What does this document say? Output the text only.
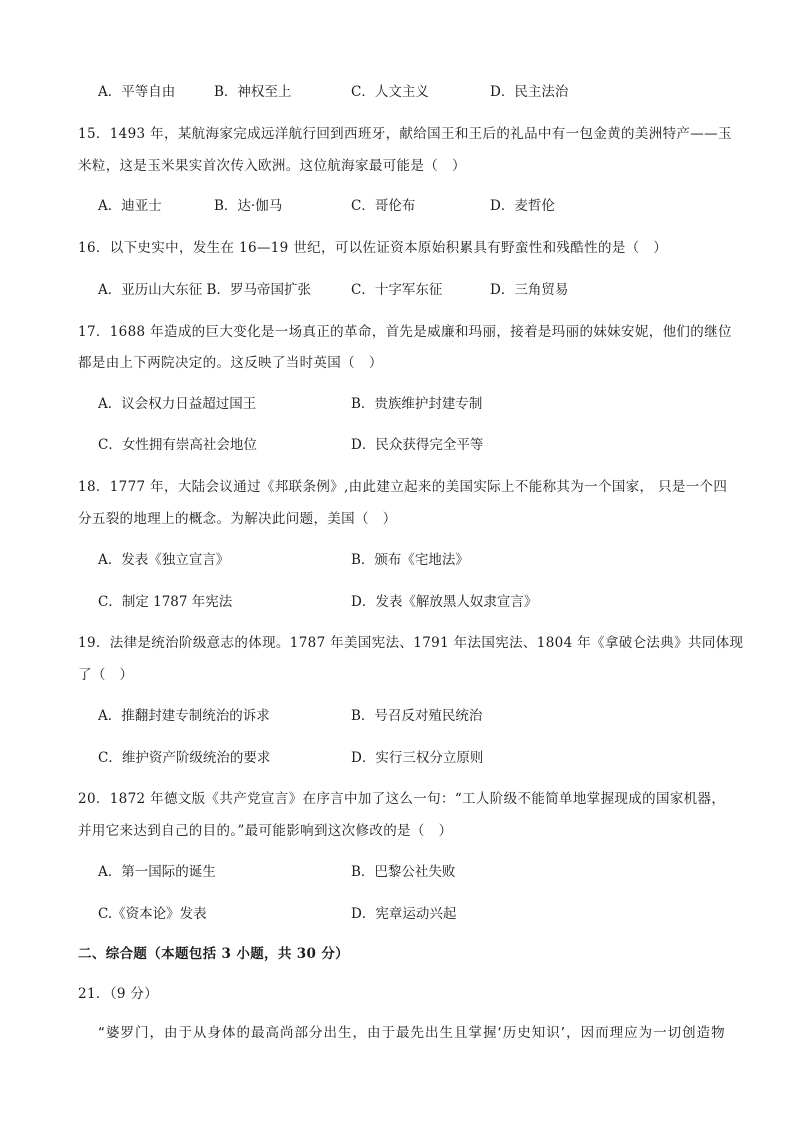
A．平等自由	B．神权至上	C．人文主义	D．民主法治
15．1493 年，某航海家完成远洋航行回到西班牙，献给国王和王后的礼品中有一包金黄的美洲特产——玉
米粒，这是玉米果实首次传入欧洲。这位航海家最可能是（　）
A．迪亚士	B．达·伽马	C．哥伦布	D．麦哲伦
16．以下史实中，发生在 16—19 世纪，可以佐证资本原始积累具有野蛮性和残酷性的是（　）
A．亚历山大东征 B．罗马帝国扩张	C．十字军东征	D．三角贸易
17．1688 年造成的巨大变化是一场真正的革命，首先是威廉和玛丽，接着是玛丽的妹妹安妮，他们的继位
都是由上下两院决定的。这反映了当时英国（　）
A．议会权力日益超过国王	B．贵族维护封建专制
C．女性拥有崇高社会地位	D．民众获得完全平等
18．1777 年，大陆会议通过《邦联条例》,由此建立起来的美国实际上不能称其为一个国家， 只是一个四
分五裂的地理上的概念。为解决此问题，美国（　）
A．发表《独立宣言》	B．颁布《宅地法》
C．制定 1787 年宪法	D．发表《解放黑人奴隶宣言》
19．法律是统治阶级意志的体现。1787 年美国宪法、1791 年法国宪法、1804 年《拿破仑法典》共同体现
了（　）
A．推翻封建专制统治的诉求	B．号召反对殖民统治
C．维护资产阶级统治的要求	D．实行三权分立原则
20．1872 年德文版《共产党宣言》在序言中加了这么一句：“工人阶级不能简单地掌握现成的国家机器，
并用它来达到自己的目的。”最可能影响到这次修改的是（　）
A．第一国际的诞生	B．巴黎公社失败
C.《资本论》发表	D．宪章运动兴起
二、综合题（本题包括 3 小题，共 30 分）
21．（9 分）
“婆罗门，由于从身体的最高尚部分出生，由于最先出生且掌握‘历史知识’，因而理应为一切创造物
